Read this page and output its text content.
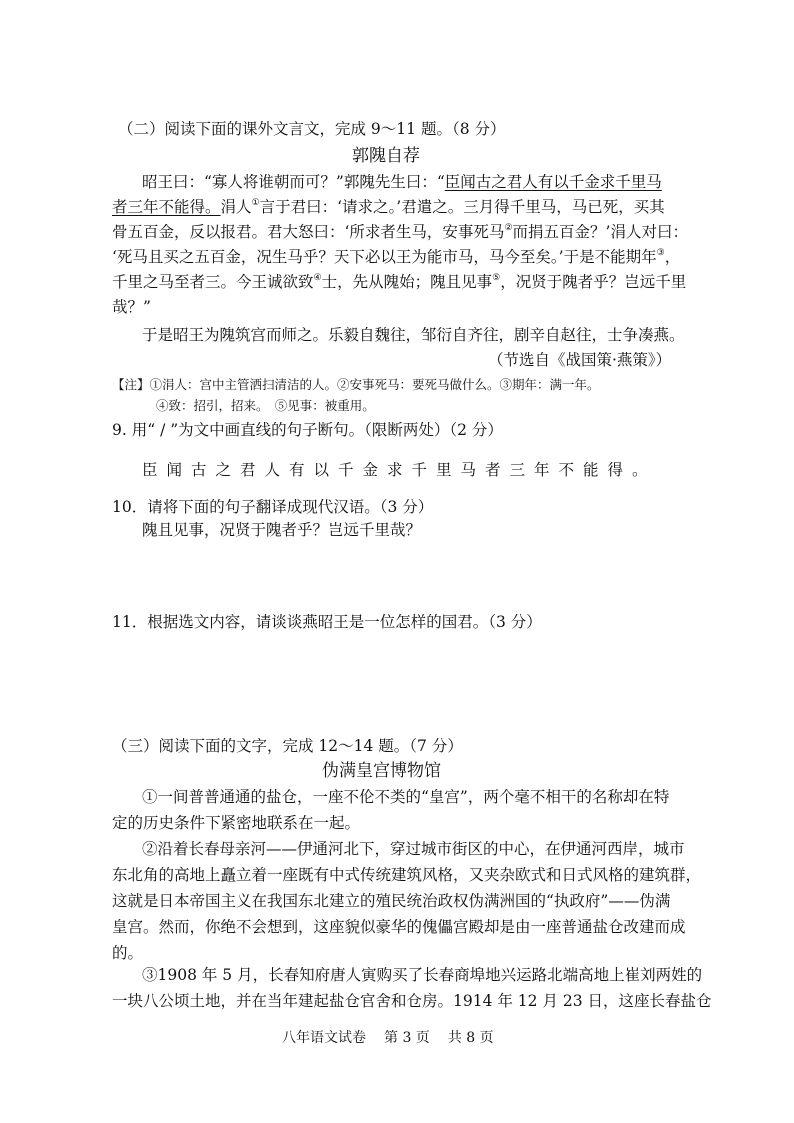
（二）阅读下面的课外文言文，完成 9～11 题。（8 分）
郭隗自荐
昭王曰：“寡人将谁朝而可？”郭隗先生曰：“臣闻古之君人有以千金求千里马
者三年不能得。涓人①言于君曰：‘请求之。’君遣之。三月得千里马，马已死，买其
骨五百金，反以报君。君大怒曰：‘所求者生马，安事死马②而捐五百金？’涓人对曰：
‘死马且买之五百金，况生马乎？天下必以王为能市马，马今至矣。’于是不能期年③，
千里之马至者三。今王诚欲致④士，先从隗始；隗且见事⑤，况贤于隗者乎？岂远千里
哉？”
于是昭王为隗筑宫而师之。乐毅自魏往，邹衍自齐往，剧辛自赵往，士争凑燕。
（节选自《战国策·燕策》）
【注】①涓人：宫中主管洒扫清洁的人。②安事死马：要死马做什么。③期年：满一年。
④致：招引，招来。　⑤见事：被重用。
9. 用“ / ”为文中画直线的句子断句。（限断两处）（2 分）
臣闻古之君人有以千金求千里马者三年不能得。
10．请将下面的句子翻译成现代汉语。（3 分）
隗且见事，况贤于隗者乎？岂远千里哉？
11．根据选文内容，请谈谈燕昭王是一位怎样的国君。（3 分）
（三）阅读下面的文字，完成 12～14 题。（7 分）
伪满皇宫博物馆
①一间普普通通的盐仓，一座不伦不类的“皇宫”，两个毫不相干的名称却在特
定的历史条件下紧密地联系在一起。
②沿着长春母亲河——伊通河北下，穿过城市街区的中心，在伊通河西岸，城市
东北角的高地上矗立着一座既有中式传统建筑风格，又夹杂欧式和日式风格的建筑群，
这就是日本帝国主义在我国东北建立的殖民统治政权伪满洲国的“执政府”——伪满
皇宫。然而，你绝不会想到，这座貌似豪华的傀儡宫殿却是由一座普通盐仓改建而成
的。
③1908 年 5 月，长春知府唐人寅购买了长春商埠地兴运路北端高地上崔刘两姓的
一块八公顷土地，并在当年建起盐仓官舍和仓房。1914 年 12 月 23 日，这座长春盐仓
八年语文试卷 第 3 页 共 8 页
